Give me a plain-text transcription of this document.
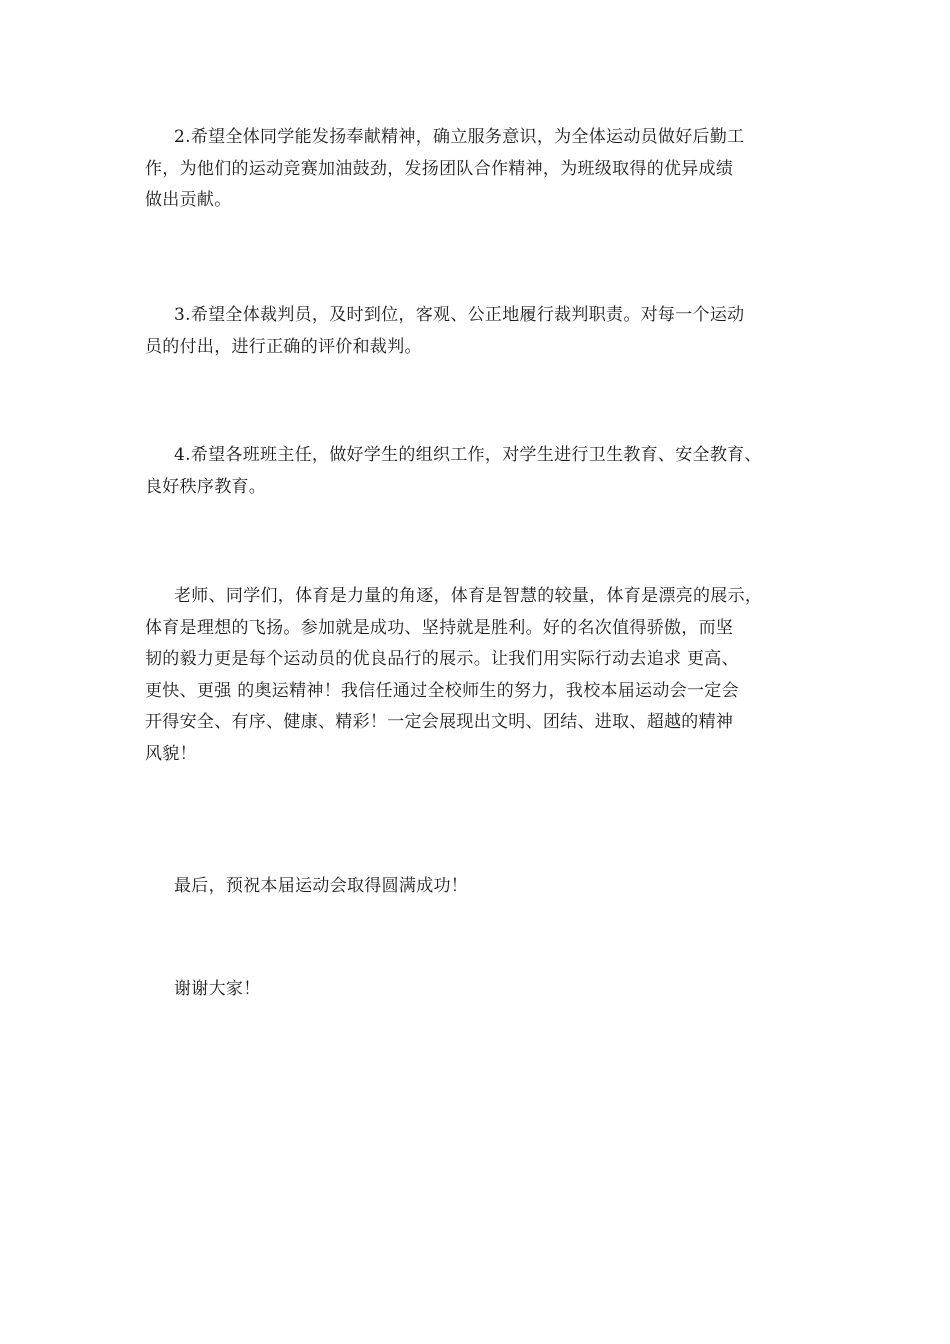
2.希望全体同学能发扬奉献精神，确立服务意识，为全体运动员做好后勤工
作，为他们的运动竞赛加油鼓劲，发扬团队合作精神，为班级取得的优异成绩
做出贡献。

3.希望全体裁判员，及时到位，客观、公正地履行裁判职责。对每一个运动
员的付出，进行正确的评价和裁判。

4.希望各班班主任，做好学生的组织工作，对学生进行卫生教育、安全教育、
良好秩序教育。

老师、同学们，体育是力量的角逐，体育是智慧的较量，体育是漂亮的展示，
体育是理想的飞扬。参加就是成功、坚持就是胜利。好的名次值得骄傲，而坚
韧的毅力更是每个运动员的优良品行的展示。让我们用实际行动去追求 更高、
更快、更强 的奥运精神！我信任通过全校师生的努力，我校本届运动会一定会
开得安全、有序、健康、精彩！一定会展现出文明、团结、进取、超越的精神
风貌！

最后，预祝本届运动会取得圆满成功！

谢谢大家！
